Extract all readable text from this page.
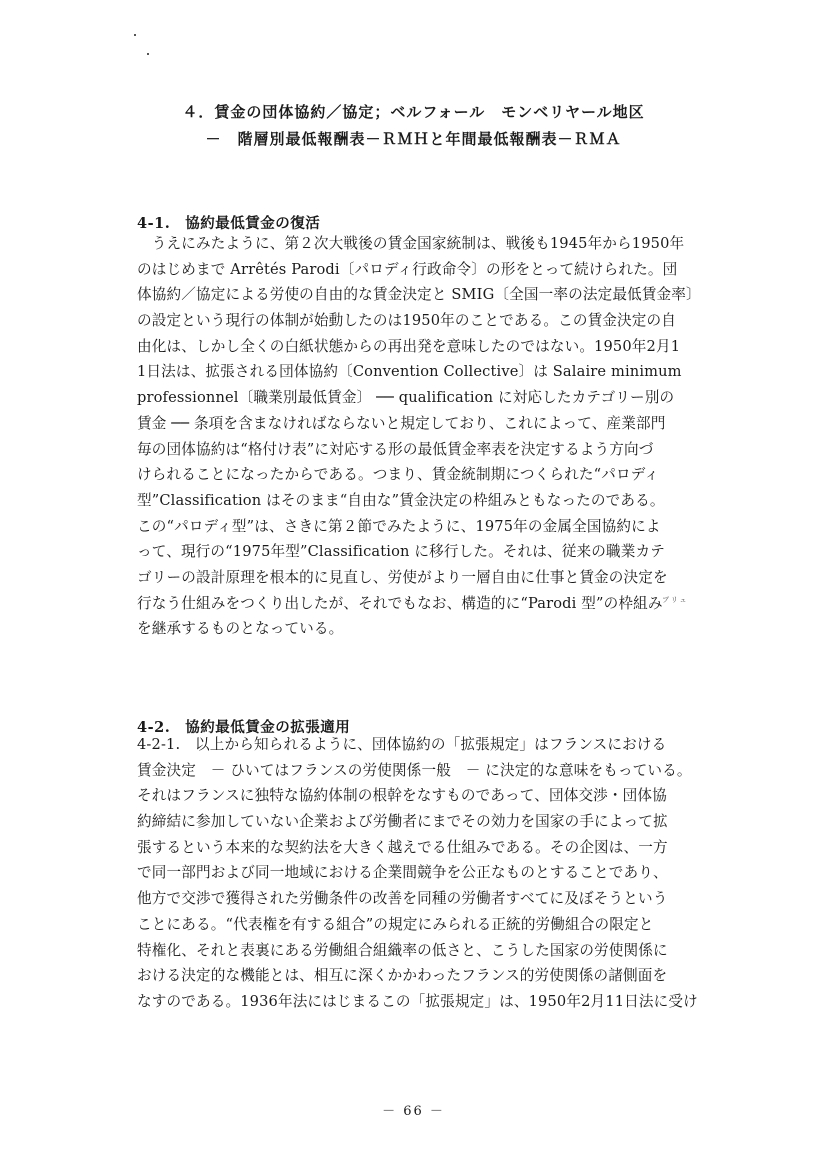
４．賃金の団体協約／協定；ベルフォール　モンベリヤール地区
－　階層別最低報酬表－ＲＭＨと年間最低報酬表－ＲＭＡ
4-1.　協約最低賃金の復活
　うえにみたように、第２次大戦後の賃金国家統制は、戦後も1945年から1950年
のはじめまで Arrêtés Parodi〔パロディ行政命令〕の形をとって続けられた。団
体協約／協定による労使の自由的な賃金決定と SMIG〔全国一率の法定最低賃金率〕
の設定という現行の体制が始動したのは1950年のことである。この賃金決定の自
由化は、しかし全くの白紙状態からの再出発を意味したのではない。1950年2月1
1日法は、拡張される団体協約〔Convention Collective〕は Salaire minimum
professionnel〔職業別最低賃金〕 ── qualification に対応したカテゴリー別の
賃金 ── 条項を含まなければならないと規定しており、これによって、産業部門
毎の団体協約は“格付け表”に対応する形の最低賃金率表を決定するよう方向づ
けられることになったからである。つまり、賃金統制期につくられた“パロディ
型”Classification はそのまま“自由な”賃金決定の枠組みともなったのである。
この“パロディ型”は、さきに第２節でみたように、1975年の金属全国協約によ
って、現行の“1975年型”Classification に移行した。それは、従来の職業カテ
ゴリーの設計原理を根本的に見直し、労使がより一層自由に仕事と賃金の決定を
行なう仕組みをつくり出したが、それでもなお、構造的に“Parodi 型”の枠組み
を継承するものとなっている。
ブリュ
4-2.　協約最低賃金の拡張適用
4-2-1.　以上から知られるように、団体協約の「拡張規定」はフランスにおける
賃金決定　－ ひいてはフランスの労使関係一般　－ に決定的な意味をもっている。
それはフランスに独特な協約体制の根幹をなすものであって、団体交渉・団体協
約締結に参加していない企業および労働者にまでその効力を国家の手によって拡
張するという本来的な契約法を大きく越えでる仕組みである。その企図は、一方
で同一部門および同一地域における企業間競争を公正なものとすることであり、
他方で交渉で獲得された労働条件の改善を同種の労働者すべてに及ぼそうという
ことにある。“代表権を有する組合”の規定にみられる正統的労働組合の限定と
特権化、それと表裏にある労働組合組織率の低さと、こうした国家の労使関係に
おける決定的な機能とは、相互に深くかかわったフランス的労使関係の諸側面を
なすのである。1936年法にはじまるこの「拡張規定」は、1950年2月11日法に受け
－ 66 －
